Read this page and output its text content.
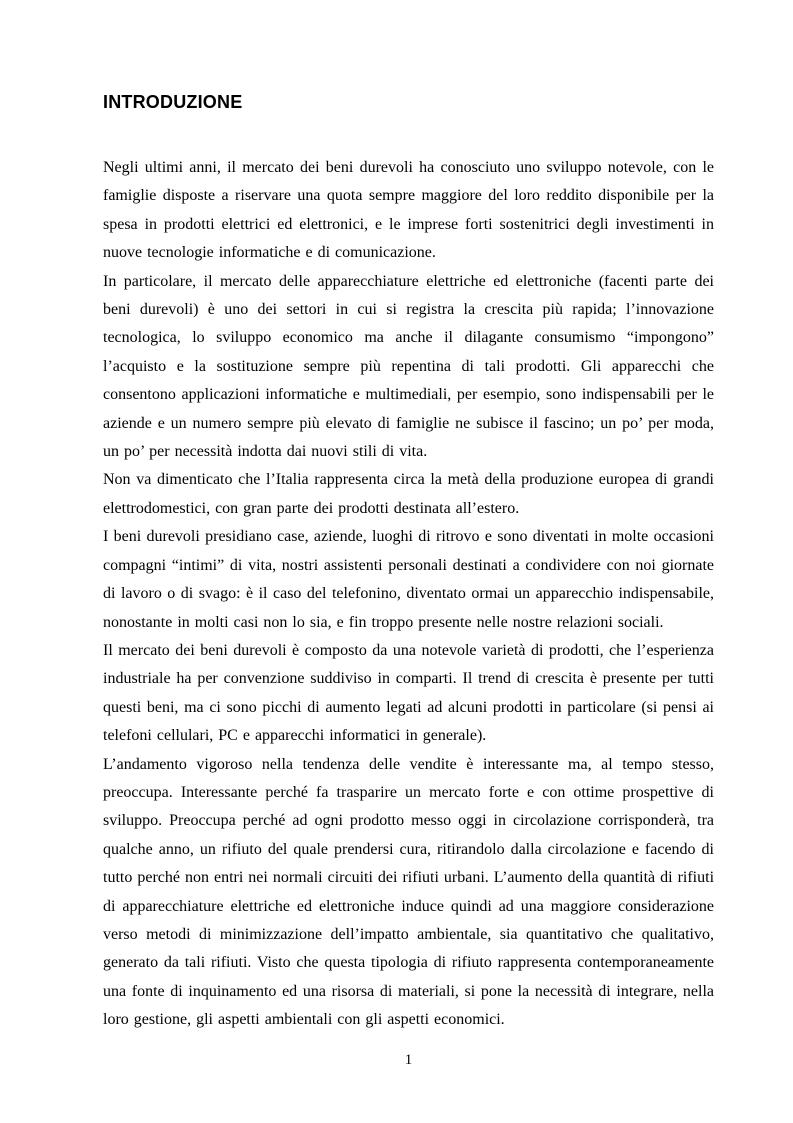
INTRODUZIONE

Negli ultimi anni, il mercato dei beni durevoli ha conosciuto uno sviluppo notevole, con le famiglie disposte a riservare una quota sempre maggiore del loro reddito disponibile per la spesa in prodotti elettrici ed elettronici, e le imprese forti sostenitrici degli investimenti in nuove tecnologie informatiche e di comunicazione.

In particolare, il mercato delle apparecchiature elettriche ed elettroniche (facenti parte dei beni durevoli) è uno dei settori in cui si registra la crescita più rapida; l’innovazione tecnologica, lo sviluppo economico ma anche il dilagante consumismo “impongono” l’acquisto e la sostituzione sempre più repentina di tali prodotti. Gli apparecchi che consentono applicazioni informatiche e multimediali, per esempio, sono indispensabili per le aziende e un numero sempre più elevato di famiglie ne subisce il fascino; un po’ per moda, un po’ per necessità indotta dai nuovi stili di vita.

Non va dimenticato che l’Italia rappresenta circa la metà della produzione europea di grandi elettrodomestici, con gran parte dei prodotti destinata all’estero.

I beni durevoli presidiano case, aziende, luoghi di ritrovo e sono diventati in molte occasioni compagni “intimi” di vita, nostri assistenti personali destinati a condividere con noi giornate di lavoro o di svago: è il caso del telefonino, diventato ormai un apparecchio indispensabile, nonostante in molti casi non lo sia, e fin troppo presente nelle nostre relazioni sociali.

Il mercato dei beni durevoli è composto da una notevole varietà di prodotti, che l’esperienza industriale ha per convenzione suddiviso in comparti. Il trend di crescita è presente per tutti questi beni, ma ci sono picchi di aumento legati ad alcuni prodotti in particolare (si pensi ai telefoni cellulari, PC e apparecchi informatici in generale).

L’andamento vigoroso nella tendenza delle vendite è interessante ma, al tempo stesso, preoccupa. Interessante perché fa trasparire un mercato forte e con ottime prospettive di sviluppo. Preoccupa perché ad ogni prodotto messo oggi in circolazione corrisponderà, tra qualche anno, un rifiuto del quale prendersi cura, ritirandolo dalla circolazione e facendo di tutto perché non entri nei normali circuiti dei rifiuti urbani. L’aumento della quantità di rifiuti di apparecchiature elettriche ed elettroniche induce quindi ad una maggiore considerazione verso metodi di minimizzazione dell’impatto ambientale, sia quantitativo che qualitativo, generato da tali rifiuti. Visto che questa tipologia di rifiuto rappresenta contemporaneamente una fonte di inquinamento ed una risorsa di materiali, si pone la necessità di integrare, nella loro gestione, gli aspetti ambientali con gli aspetti economici.

1
